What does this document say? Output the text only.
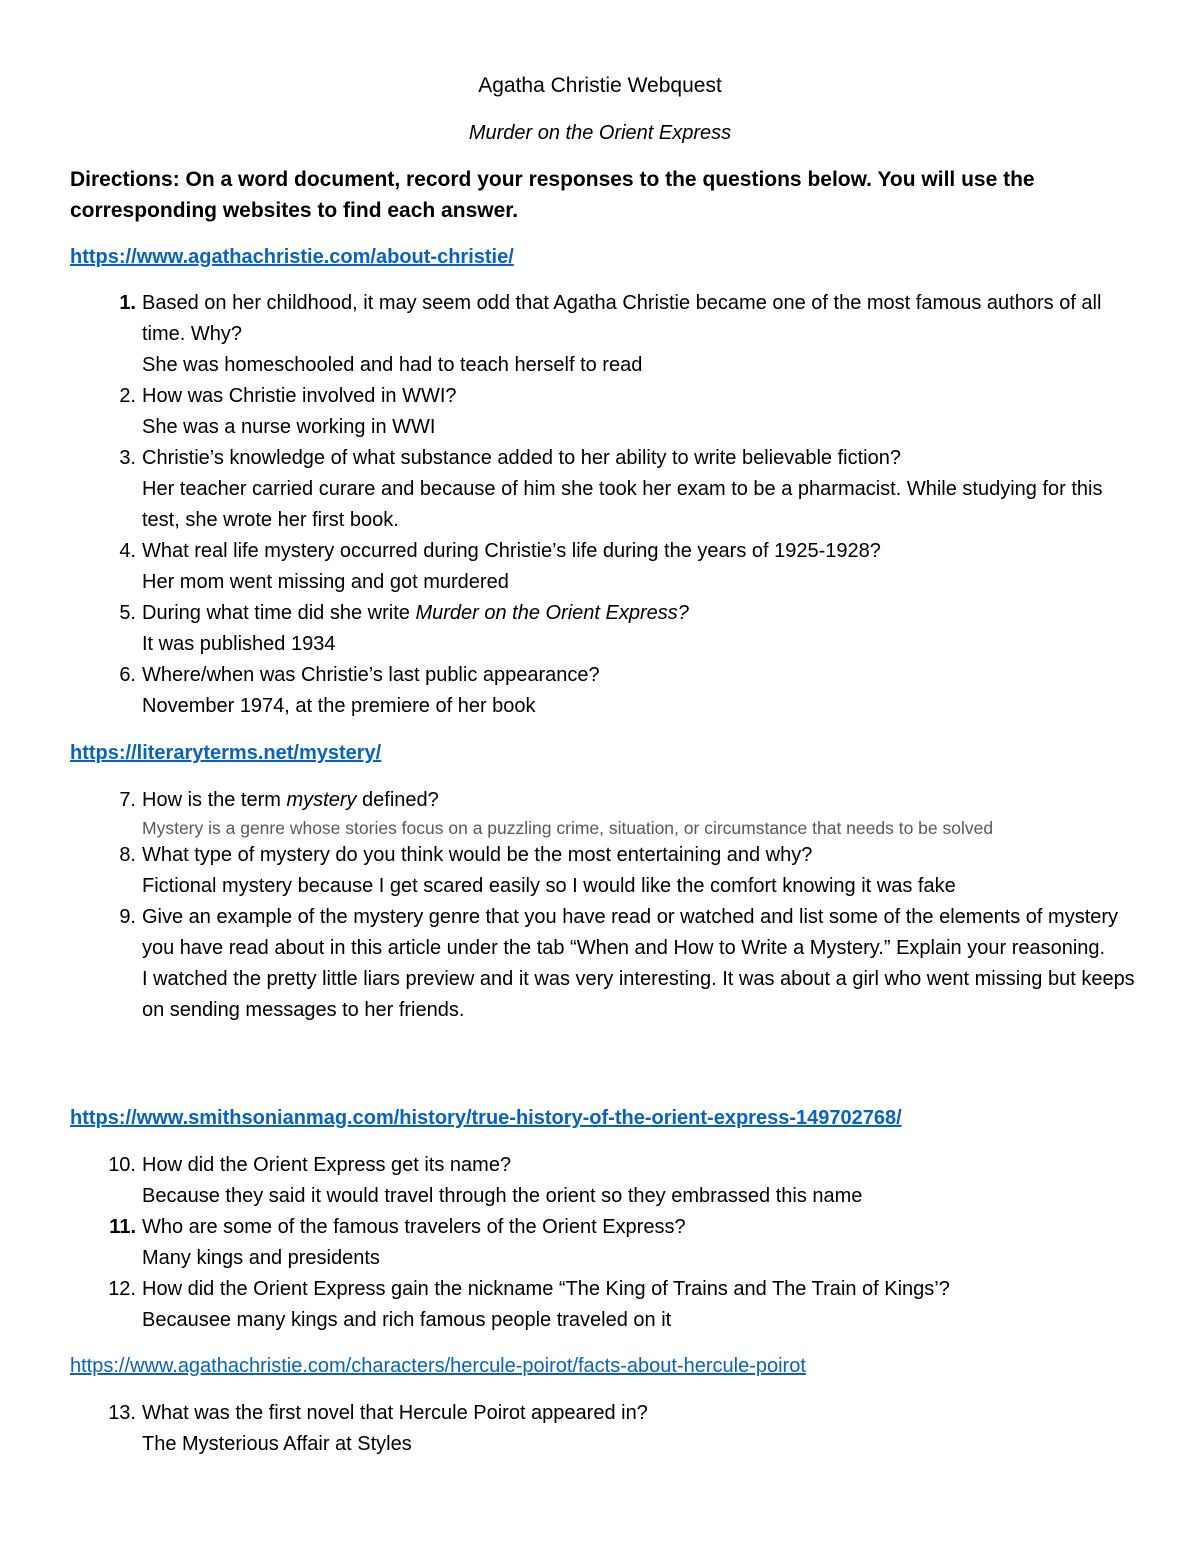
Agatha Christie Webquest
Murder on the Orient Express
Directions: On a word document, record your responses to the questions below. You will use the corresponding websites to find each answer.
https://www.agathachristie.com/about-christie/
1. Based on her childhood, it may seem odd that Agatha Christie became one of the most famous authors of all time. Why?
She was homeschooled and had to teach herself to read
2. How was Christie involved in WWI?
She was a nurse working in WWI
3. Christie’s knowledge of what substance added to her ability to write believable fiction?
Her teacher carried curare and because of him she took her exam to be a pharmacist. While studying for this test, she wrote her first book.
4. What real life mystery occurred during Christie’s life during the years of 1925-1928?
Her mom went missing and got murdered
5. During what time did she write Murder on the Orient Express?
It was published 1934
6. Where/when was Christie’s last public appearance?
November 1974, at the premiere of her book
https://literaryterms.net/mystery/
7. How is the term mystery defined?
Mystery is a genre whose stories focus on a puzzling crime, situation, or circumstance that needs to be solved
8. What type of mystery do you think would be the most entertaining and why?
Fictional mystery because I get scared easily so I would like the comfort knowing it was fake
9. Give an example of the mystery genre that you have read or watched and list some of the elements of mystery you have read about in this article under the tab “When and How to Write a Mystery.” Explain your reasoning.
I watched the pretty little liars preview and it was very interesting. It was about a girl who went missing but keeps on sending messages to her friends.
https://www.smithsonianmag.com/history/true-history-of-the-orient-express-149702768/
10. How did the Orient Express get its name?
Because they said it would travel through the orient so they embrassed this name
11. Who are some of the famous travelers of the Orient Express?
Many kings and presidents
12. How did the Orient Express gain the nickname “The King of Trains and The Train of Kings’?
Becausee many kings and rich famous people traveled on it
https://www.agathachristie.com/characters/hercule-poirot/facts-about-hercule-poirot
13. What was the first novel that Hercule Poirot appeared in?
The Mysterious Affair at Styles
